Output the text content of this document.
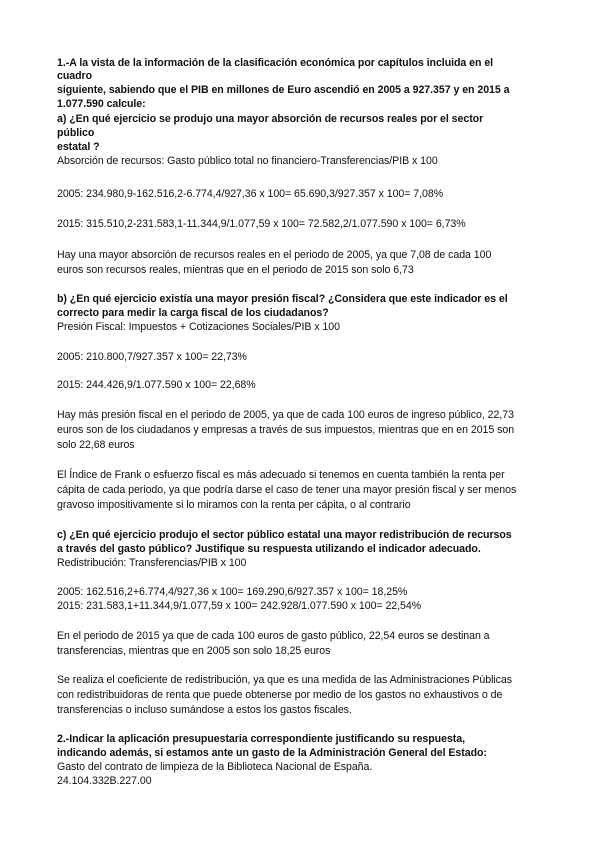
1.-A la vista de la información de la clasificación económica por capítulos incluida en el
cuadro
siguiente, sabiendo que el PIB en millones de Euro ascendió en 2005 a 927.357 y en 2015 a
1.077.590 calcule:
a) ¿En qué ejercicio se produjo una mayor absorción de recursos reales por el sector
público
estatal ?
Absorción de recursos: Gasto público total no financiero-Transferencias/PIB x 100
2005: 234.980,9-162.516,2-6.774,4/927,36 x 100= 65.690,3/927.357 x 100= 7,08%
2015: 315.510,2-231.583,1-11.344,9/1.077,59 x 100= 72.582,2/1.077.590 x 100= 6,73%
Hay una mayor absorción de recursos reales en el periodo de 2005, ya que 7,08 de cada 100
euros son recursos reales, mientras que en el periodo de 2015 son solo 6,73
b) ¿En qué ejercicio existía una mayor presión fiscal? ¿Considera que este indicador es el
correcto para medir la carga fiscal de los ciudadanos?
Presión Fiscal: Impuestos + Cotizaciones Sociales/PIB x 100
2005: 210.800,7/927.357 x 100= 22,73%
2015: 244.426,9/1.077.590 x 100= 22,68%
Hay más presión fiscal en el periodo de 2005, ya que de cada 100 euros de ingreso público, 22,73
euros son de los ciudadanos y empresas a través de sus impuestos, mientras que en en 2015 son
solo 22,68 euros
El Índice de Frank o esfuerzo fiscal es más adecuado si tenemos en cuenta también la renta per
cápita de cada periodo, ya que podría darse el caso de tener una mayor presión fiscal y ser menos
gravoso impositivamente si lo miramos con la renta per cápita, o al contrario
c) ¿En qué ejercicio produjo el sector público estatal una mayor redistribución de recursos
a través del gasto público? Justifique su respuesta utilizando el indicador adecuado.
Redistribución: Transferencias/PIB x 100
2005: 162.516,2+6.774,4/927,36 x 100= 169.290,6/927.357 x 100= 18,25%
2015: 231.583,1+11.344,9/1.077,59 x 100= 242.928/1.077.590 x 100= 22,54%
En el periodo de 2015 ya que de cada 100 euros de gasto público, 22,54 euros se destinan a
transferencias, mientras que en 2005 son solo 18,25 euros
Se realiza el coeficiente de redistribución, ya que es una medida de las Administraciones Públicas
con redistribuidoras de renta que puede obtenerse por medio de los gastos no exhaustivos o de
transferencias o incluso sumándose a estos los gastos fiscales.
2.-Indicar la aplicación presupuestaria correspondiente justificando su respuesta,
indicando además, si estamos ante un gasto de la Administración General del Estado:
Gasto del contrato de limpieza de la Biblioteca Nacional de España.
24.104.332B.227.00
